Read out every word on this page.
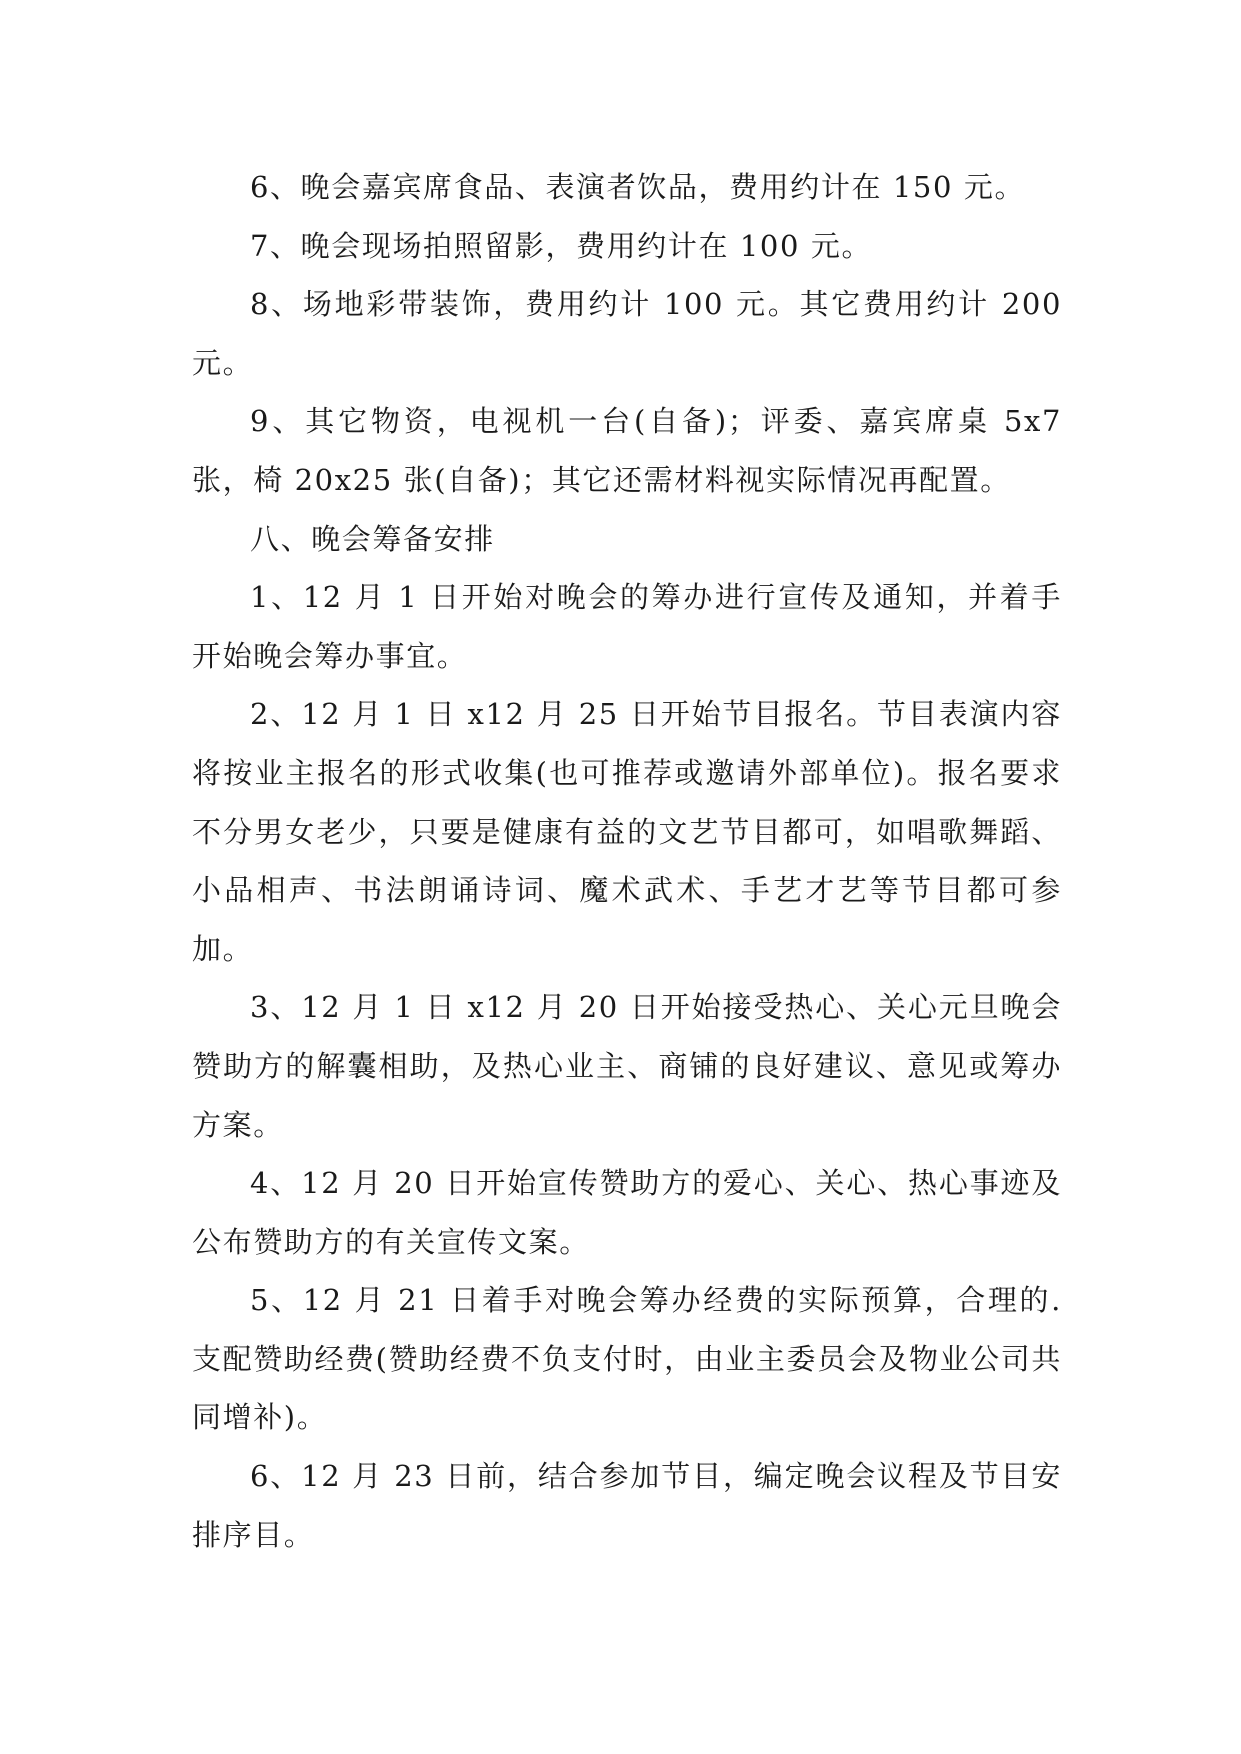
6、晚会嘉宾席食品、表演者饮品，费用约计在 150 元。

7、晚会现场拍照留影，费用约计在 100 元。

8、场地彩带装饰，费用约计 100 元。其它费用约计 200 元。

9、其它物资，电视机一台(自备)；评委、嘉宾席桌 5x7 张，椅 20x25 张(自备)；其它还需材料视实际情况再配置。

八、晚会筹备安排

1、12 月 1 日开始对晚会的筹办进行宣传及通知，并着手开始晚会筹办事宜。

2、12 月 1 日 x12 月 25 日开始节目报名。节目表演内容将按业主报名的形式收集(也可推荐或邀请外部单位)。报名要求不分男女老少，只要是健康有益的文艺节目都可，如唱歌舞蹈、小品相声、书法朗诵诗词、魔术武术、手艺才艺等节目都可参加。

3、12 月 1 日 x12 月 20 日开始接受热心、关心元旦晚会赞助方的解囊相助，及热心业主、商铺的良好建议、意见或筹办方案。

4、12 月 20 日开始宣传赞助方的爱心、关心、热心事迹及公布赞助方的有关宣传文案。

5、12 月 21 日着手对晚会筹办经费的实际预算，合理的.支配赞助经费(赞助经费不负支付时，由业主委员会及物业公司共同增补)。

6、12 月 23 日前，结合参加节目，编定晚会议程及节目安排序目。
